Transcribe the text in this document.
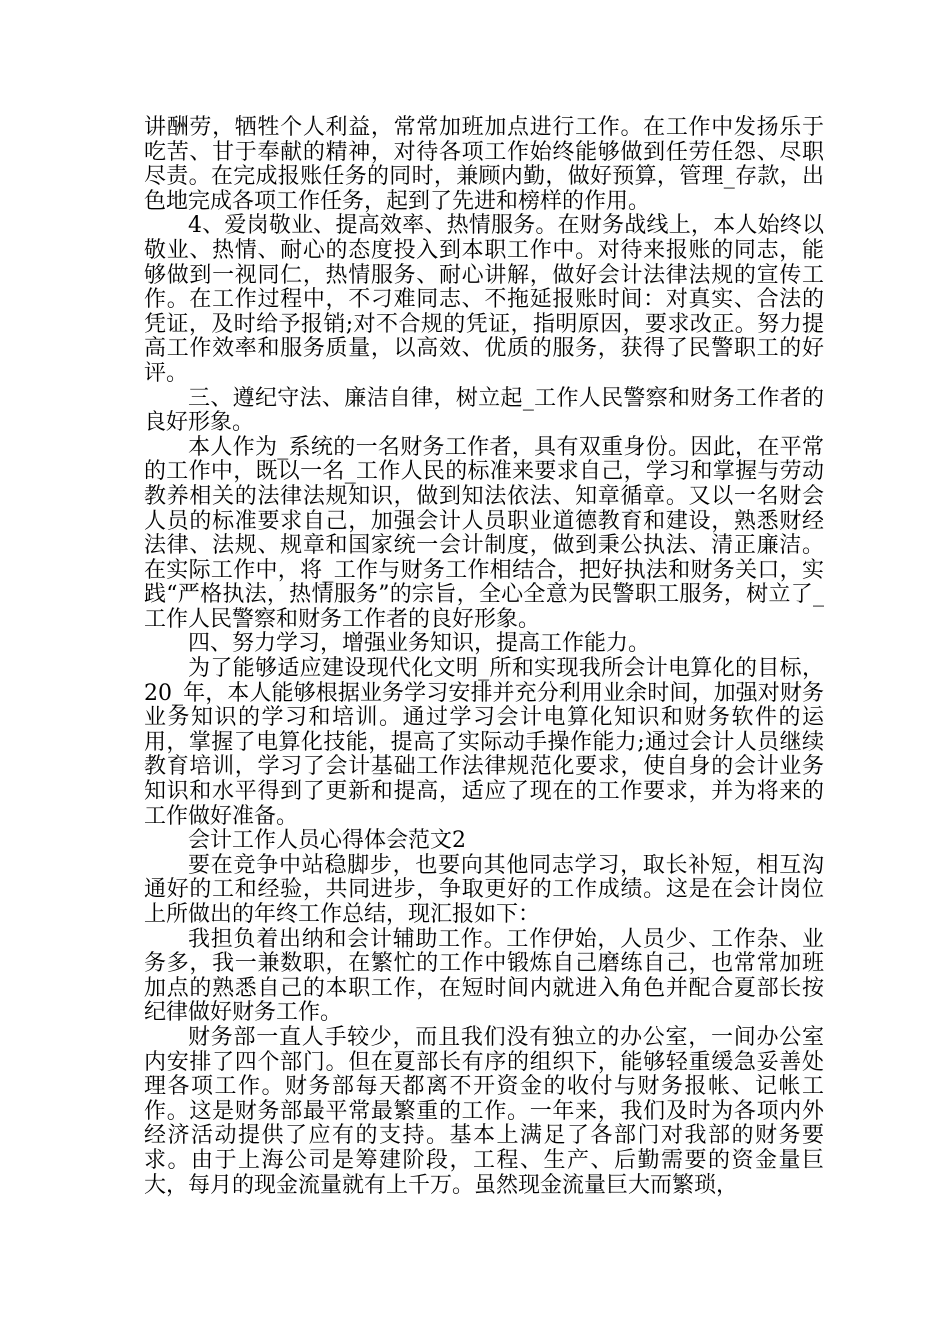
讲酬劳，牺牲个人利益，常常加班加点进行工作。在工作中发扬乐于吃苦、甘于奉献的精神，对待各项工作始终能够做到任劳任怨、尽职尽责。在完成报账任务的同时，兼顾内勤，做好预算，管理_存款，出色地完成各项工作任务，起到了先进和榜样的作用。

4、爱岗敬业、提高效率、热情服务。在财务战线上，本人始终以敬业、热情、耐心的态度投入到本职工作中。对待来报账的同志，能够做到一视同仁，热情服务、耐心讲解，做好会计法律法规的宣传工作。在工作过程中，不刁难同志、不拖延报账时间：对真实、合法的凭证，及时给予报销;对不合规的凭证，指明原因，要求改正。努力提高工作效率和服务质量，以高效、优质的服务，获得了民警职工的好评。

三、遵纪守法、廉洁自律，树立起_工作人民警察和财务工作者的良好形象。

本人作为_系统的一名财务工作者，具有双重身份。因此，在平常的工作中，既以一名_工作人民的标准来要求自己，学习和掌握与劳动教养相关的法律法规知识，做到知法依法、知章循章。又以一名财会人员的标准要求自己，加强会计人员职业道德教育和建设，熟悉财经法律、法规、规章和国家统一会计制度，做到秉公执法、清正廉洁。在实际工作中，将_工作与财务工作相结合，把好执法和财务关口，实践“严格执法，热情服务”的宗旨，全心全意为民警职工服务，树立了_工作人民警察和财务工作者的良好形象。

四、努力学习，增强业务知识，提高工作能力。

为了能够适应建设现代化文明_所和实现我所会计电算化的目标，20_年，本人能够根据业务学习安排并充分利用业余时间，加强对财务业务知识的学习和培训。通过学习会计电算化知识和财务软件的运用，掌握了电算化技能，提高了实际动手操作能力;通过会计人员继续教育培训，学习了会计基础工作法律规范化要求，使自身的会计业务知识和水平得到了更新和提高，适应了现在的工作要求，并为将来的工作做好准备。

会计工作人员心得体会范文2

要在竞争中站稳脚步，也要向其他同志学习，取长补短，相互沟通好的工和经验，共同进步，争取更好的工作成绩。这是在会计岗位上所做出的年终工作总结，现汇报如下：

我担负着出纳和会计辅助工作。工作伊始，人员少、工作杂、业务多，我一兼数职，在繁忙的工作中锻炼自己磨练自己，也常常加班加点的熟悉自己的本职工作，在短时间内就进入角色并配合夏部长按纪律做好财务工作。

财务部一直人手较少，而且我们没有独立的办公室，一间办公室内安排了四个部门。但在夏部长有序的组织下，能够轻重缓急妥善处理各项工作。财务部每天都离不开资金的收付与财务报帐、记帐工作。这是财务部最平常最繁重的工作。一年来，我们及时为各项内外经济活动提供了应有的支持。基本上满足了各部门对我部的财务要求。由于上海公司是筹建阶段，工程、生产、后勤需要的资金量巨大，每月的现金流量就有上千万。虽然现金流量巨大而繁琐，
